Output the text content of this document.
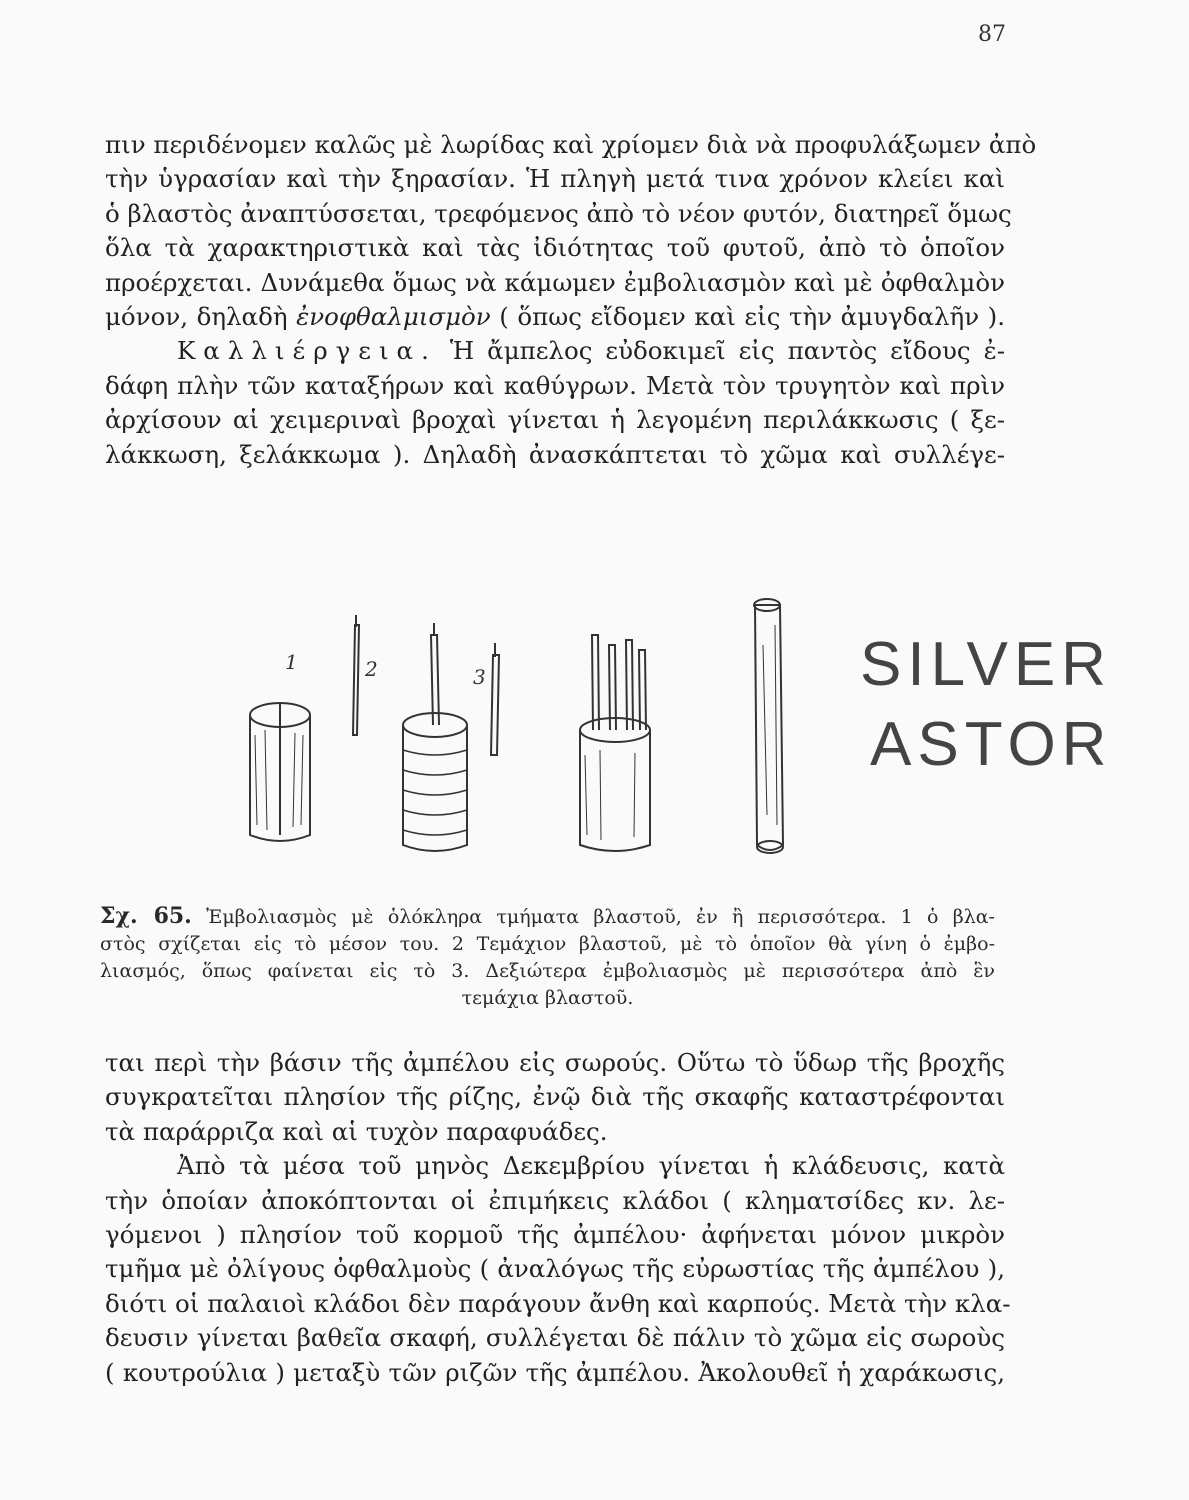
87
πιν περιδένομεν καλῶς μὲ λωρίδας καὶ χρίομεν διὰ νὰ προφυλάξωμεν ἀπὸ
τὴν ὑγρασίαν καὶ τὴν ξηρασίαν. Ἡ πληγὴ μετά τινα χρόνον κλείει καὶ
ὁ βλαστὸς ἀναπτύσσεται, τρεφόμενος ἀπὸ τὸ νέον φυτόν, διατηρεῖ ὅμως
ὅλα τὰ χαρακτηριστικὰ καὶ τὰς ἰδιότητας τοῦ φυτοῦ, ἀπὸ τὸ ὁποῖον
προέρχεται. Δυνάμεθα ὅμως νὰ κάμωμεν ἐμβολιασμὸν καὶ μὲ ὀφθαλμὸν
μόνον, δηλαδὴ ἐνοφθαλμισμὸν ( ὅπως εἴδομεν καὶ εἰς τὴν ἀμυγδαλῆν ).
Καλλιέργεια. Ἡ ἄμπελος εὐδοκιμεῖ εἰς παντὸς εἴδους ἐ-
δάφη πλὴν τῶν καταξήρων καὶ καθύγρων. Μετὰ τὸν τρυγητὸν καὶ πρὶν
ἀρχίσουν αἱ χειμεριναὶ βροχαὶ γίνεται ἡ λεγομένη περιλάκκωσις ( ξε-
λάκκωση, ξελάκκωμα ). Δηλαδὴ ἀνασκάπτεται τὸ χῶμα καὶ συλλέγε-
1	2	3	SILVER
ASTOR
Σχ. 65. Ἐμβολιασμὸς μὲ ὁλόκληρα τμήματα βλαστοῦ, ἐν ἢ περισσότερα. 1 ὁ βλα-
στὸς σχίζεται εἰς τὸ μέσον του. 2 Τεμάχιον βλαστοῦ, μὲ τὸ ὁποῖον θὰ γίνη ὁ ἐμβο-
λιασμός, ὅπως φαίνεται εἰς τὸ 3. Δεξιώτερα ἐμβολιασμὸς μὲ περισσότερα ἀπὸ ἓν
τεμάχια βλαστοῦ.
ται περὶ τὴν βάσιν τῆς ἀμπέλου εἰς σωρούς. Οὕτω τὸ ὕδωρ τῆς βροχῆς
συγκρατεῖται πλησίον τῆς ρίζης, ἐνῷ διὰ τῆς σκαφῆς καταστρέφονται
τὰ παράρριζα καὶ αἱ τυχὸν παραφυάδες.
Ἀπὸ τὰ μέσα τοῦ μηνὸς Δεκεμβρίου γίνεται ἡ κλάδευσις, κατὰ
τὴν ὁποίαν ἀποκόπτονται οἱ ἐπιμήκεις κλάδοι ( κληματσίδες κν. λε-
γόμενοι ) πλησίον τοῦ κορμοῦ τῆς ἀμπέλου· ἀφήνεται μόνον μικρὸν
τμῆμα μὲ ὀλίγους ὀφθαλμοὺς ( ἀναλόγως τῆς εὐρωστίας τῆς ἀμπέλου ),
διότι οἱ παλαιοὶ κλάδοι δὲν παράγουν ἄνθη καὶ καρπούς. Μετὰ τὴν κλα-
δευσιν γίνεται βαθεῖα σκαφή, συλλέγεται δὲ πάλιν τὸ χῶμα εἰς σωροὺς
( κουτρούλια ) μεταξὺ τῶν ριζῶν τῆς ἀμπέλου. Ἀκολουθεῖ ἡ χαράκωσις,
